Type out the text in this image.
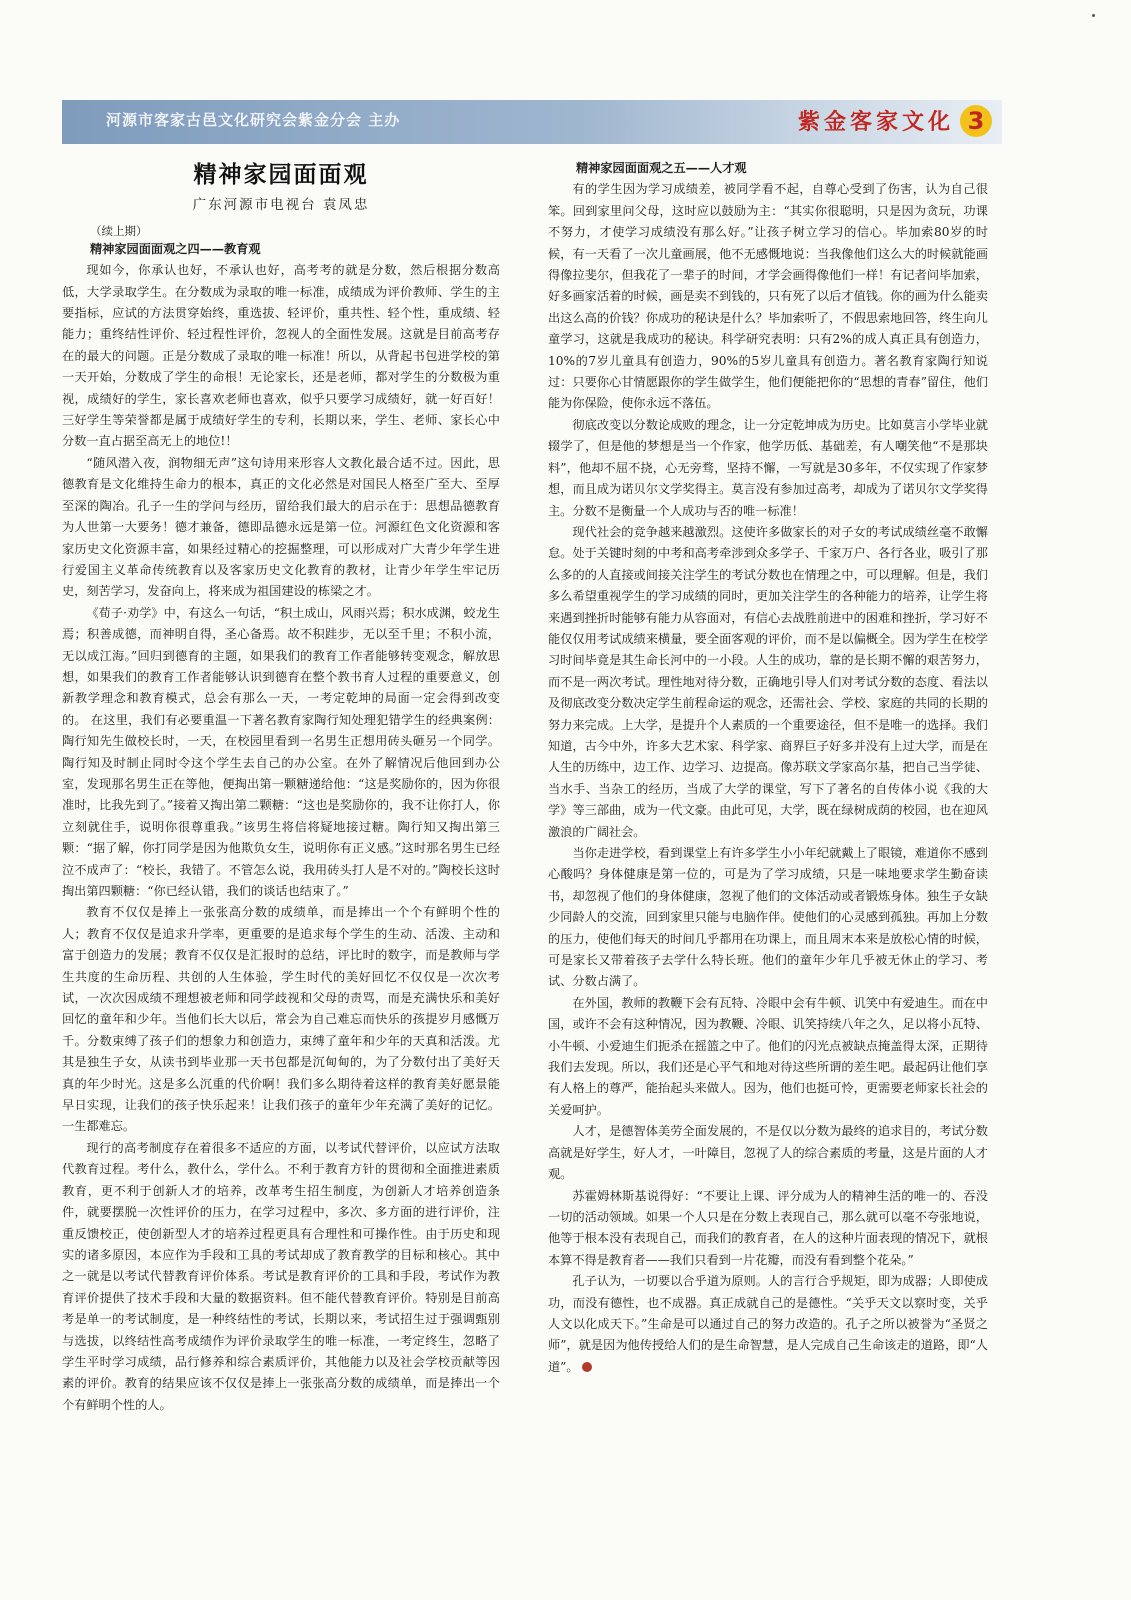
河源市客家古邑文化研究会紫金分会 主办	紫金客家文化 3
精神家园面面观
广东河源市电视台 袁凤忠
（续上期）
精神家园面面观之四——教育观

现如今，你承认也好，不承认也好，高考考的就是分数，然后根据分数高低，大学录取学生。在分数成为录取的唯一标准，成绩成为评价教师、学生的主要指标，应试的方法贯穿始终，重选拔、轻评价，重共性、轻个性，重成绩、轻能力；重终结性评价、轻过程性评价，忽视人的全面性发展。这就是目前高考存在的最大的问题。正是分数成了录取的唯一标准！所以，从背起书包进学校的第一天开始，分数成了学生的命根！无论家长，还是老师，都对学生的分数极为重视，成绩好的学生，家长喜欢老师也喜欢，似乎只要学习成绩好，就一好百好！三好学生等荣誉都是属于成绩好学生的专利，长期以来，学生、老师、家长心中分数一直占据至高无上的地位!！

“随风潜入夜，润物细无声”这句诗用来形容人文教化最合适不过。因此，思德教育是文化维持生命力的根本，真正的文化必然是对国民人格至广至大、至厚至深的陶冶。孔子一生的学问与经历，留给我们最大的启示在于：思想品德教育为人世第一大要务！德才兼备，德即品德永远是第一位。河源红色文化资源和客家历史文化资源丰富，如果经过精心的挖掘整理，可以形成对广大青少年学生进行爱国主义革命传统教育以及客家历史文化教育的教材，让青少年学生牢记历史，刻苦学习，发奋向上，将来成为祖国建设的栋梁之才。

《荀子·劝学》中，有这么一句话，“积土成山，风雨兴焉；积水成渊，蛟龙生焉；积善成德，而神明自得，圣心备焉。故不积跬步，无以至千里；不积小流，无以成江海。”回归到德育的主题，如果我们的教育工作者能够转变观念，解放思想，如果我们的教育工作者能够认识到德育在整个教书育人过程的重要意义，创新教学理念和教育模式，总会有那么一天，一考定乾坤的局面一定会得到改变的。 在这里，我们有必要重温一下著名教育家陶行知处理犯错学生的经典案例：陶行知先生做校长时，一天，在校园里看到一名男生正想用砖头砸另一个同学。陶行知及时制止同时令这个学生去自己的办公室。在外了解情况后他回到办公室，发现那名男生正在等他，便掏出第一颗糖递给他：“这是奖励你的，因为你很准时，比我先到了。”接着又掏出第二颗糖：“这也是奖励你的，我不让你打人，你立刻就住手，说明你很尊重我。”该男生将信将疑地接过糖。陶行知又掏出第三颗：“据了解，你打同学是因为他欺负女生，说明你有正义感。”这时那名男生已经泣不成声了：“校长，我错了。不管怎么说，我用砖头打人是不对的。”陶校长这时掏出第四颗糖：“你已经认错，我们的谈话也结束了。”

教育不仅仅是捧上一张张高分数的成绩单，而是捧出一个个有鲜明个性的人；教育不仅仅是追求升学率，更重要的是追求每个学生的生动、活泼、主动和富于创造力的发展；教育不仅仅是汇报时的总结，评比时的数字，而是教师与学生共度的生命历程、共创的人生体验，学生时代的美好回忆不仅仅是一次次考试，一次次因成绩不理想被老师和同学歧视和父母的责骂，而是充满快乐和美好回忆的童年和少年。当他们长大以后，常会为自己难忘而快乐的孩提岁月感慨万千。分数束缚了孩子们的想象力和创造力，束缚了童年和少年的天真和活泼。尤其是独生子女，从读书到毕业那一天书包都是沉甸甸的，为了分数付出了美好天真的年少时光。这是多么沉重的代价啊！我们多么期待着这样的教育美好愿景能早日实现，让我们的孩子快乐起来！让我们孩子的童年少年充满了美好的记忆。一生都难忘。

现行的高考制度存在着很多不适应的方面，以考试代替评价，以应试方法取代教育过程。考什么，教什么，学什么。不利于教育方针的贯彻和全面推进素质教育，更不利于创新人才的培养，改革考生招生制度，为创新人才培养创造条件，就要摆脱一次性评价的压力，在学习过程中，多次、多方面的进行评价，注重反馈校正，使创新型人才的培养过程更具有合理性和可操作性。由于历史和现实的诸多原因，本应作为手段和工具的考试却成了教育教学的目标和核心。其中之一就是以考试代替教育评价体系。考试是教育评价的工具和手段，考试作为教育评价提供了技术手段和大量的数据资料。但不能代替教育评价。特别是目前高考是单一的考试制度，是一种终结性的考试，长期以来，考试招生过于强调甄别与选拔，以终结性高考成绩作为评价录取学生的唯一标准，一考定终生，忽略了学生平时学习成绩，品行修养和综合素质评价，其他能力以及社会学校贡献等因素的评价。教育的结果应该不仅仅是捧上一张张高分数的成绩单，而是捧出一个个有鲜明个性的人。

精神家园面面观之五——人才观

有的学生因为学习成绩差，被同学看不起，自尊心受到了伤害，认为自己很笨。回到家里问父母，这时应以鼓励为主：“其实你很聪明，只是因为贪玩，功课不努力，才使学习成绩没有那么好。”让孩子树立学习的信心。毕加索80岁的时候，有一天看了一次儿童画展，他不无感慨地说：当我像他们这么大的时候就能画得像拉斐尔，但我花了一辈子的时间，才学会画得像他们一样！有记者问毕加索，好多画家活着的时候，画是卖不到钱的，只有死了以后才值钱。你的画为什么能卖出这么高的价钱？你成功的秘诀是什么？毕加索听了，不假思索地回答，终生向儿童学习，这就是我成功的秘诀。科学研究表明：只有2%的成人真正具有创造力，10%的7岁儿童具有创造力，90%的5岁儿童具有创造力。著名教育家陶行知说过：只要你心甘情愿跟你的学生做学生，他们便能把你的“思想的青春”留住，他们能为你保险，使你永远不落伍。

彻底改变以分数论成败的理念，让一分定乾坤成为历史。比如莫言小学毕业就辍学了，但是他的梦想是当一个作家，他学历低、基础差，有人嘲笑他“不是那块料”，他却不屈不挠，心无旁骛，坚持不懈，一写就是30多年，不仅实现了作家梦想，而且成为诺贝尔文学奖得主。莫言没有参加过高考，却成为了诺贝尔文学奖得主。分数不是衡量一个人成功与否的唯一标准！

现代社会的竞争越来越激烈。这使许多做家长的对子女的考试成绩丝毫不敢懈怠。处于关键时刻的中考和高考牵涉到众多学子、千家万户、各行各业，吸引了那么多的的人直接或间接关注学生的考试分数也在情理之中，可以理解。但是，我们多么希望重视学生的学习成绩的同时，更加关注学生的各种能力的培养，让学生将来遇到挫折时能够有能力从容面对，有信心去战胜前进中的困难和挫折，学习好不能仅仅用考试成绩来横量，要全面客观的评价，而不是以偏概全。因为学生在校学习时间毕竟是其生命长河中的一小段。人生的成功，靠的是长期不懈的艰苦努力，而不是一两次考试。理性地对待分数，正确地引导人们对考试分数的态度、看法以及彻底改变分数决定学生前程命运的观念，还需社会、学校、家庭的共同的长期的努力来完成。上大学，是提升个人素质的一个重要途径，但不是唯一的选择。我们知道，古今中外，许多大艺术家、科学家、商界巨子好多并没有上过大学，而是在人生的历练中，边工作、边学习、边提高。像苏联文学家高尔基，把自己当学徒、当水手、当杂工的经历，当成了大学的课堂，写下了著名的自传体小说《我的大学》等三部曲，成为一代文豪。由此可见，大学，既在绿树成荫的校园，也在迎风激浪的广阔社会。

当你走进学校，看到课堂上有许多学生小小年纪就戴上了眼镜，难道你不感到心酸吗？身体健康是第一位的，可是为了学习成绩，只是一味地要求学生勤奋读书，却忽视了他们的身体健康，忽视了他们的文体活动或者锻炼身体。独生子女缺少同龄人的交流，回到家里只能与电脑作伴。使他们的心灵感到孤独。再加上分数的压力，使他们每天的时间几乎都用在功课上，而且周末本来是放松心情的时候，可是家长又带着孩子去学什么特长班。他们的童年少年几乎被无休止的学习、考试、分数占满了。

在外国，教师的教鞭下会有瓦特、冷眼中会有牛顿、讥笑中有爱迪生。而在中国，或许不会有这种情况，因为教鞭、冷眼、讥笑持续八年之久，足以将小瓦特、小牛顿、小爱迪生们扼杀在摇篮之中了。他们的闪光点被缺点掩盖得太深，正期待我们去发现。所以，我们还是心平气和地对待这些所谓的差生吧。最起码让他们享有人格上的尊严，能抬起头来做人。因为，他们也挺可怜，更需要老师家长社会的关爱呵护。

人才，是德智体美劳全面发展的，不是仅以分数为最终的追求目的，考试分数高就是好学生，好人才，一叶障目，忽视了人的综合素质的考量，这是片面的人才观。

苏霍姆林斯基说得好：“不要让上课、评分成为人的精神生活的唯一的、吞没一切的活动领域。如果一个人只是在分数上表现自己，那么就可以毫不夸张地说，他等于根本没有表现自己，而我们的教育者，在人的这种片面表现的情况下，就根本算不得是教育者——我们只看到一片花瓣，而没有看到整个花朵。”

孔子认为，一切要以合乎道为原则。人的言行合乎规矩，即为成器；人即使成功，而没有德性，也不成器。真正成就自己的是德性。“关乎天文以察时变，关乎人文以化成天下。”生命是可以通过自己的努力改造的。孔子之所以被誉为“圣贤之师”，就是因为他传授给人们的是生命智慧，是人完成自己生命该走的道路，即“人道”。
